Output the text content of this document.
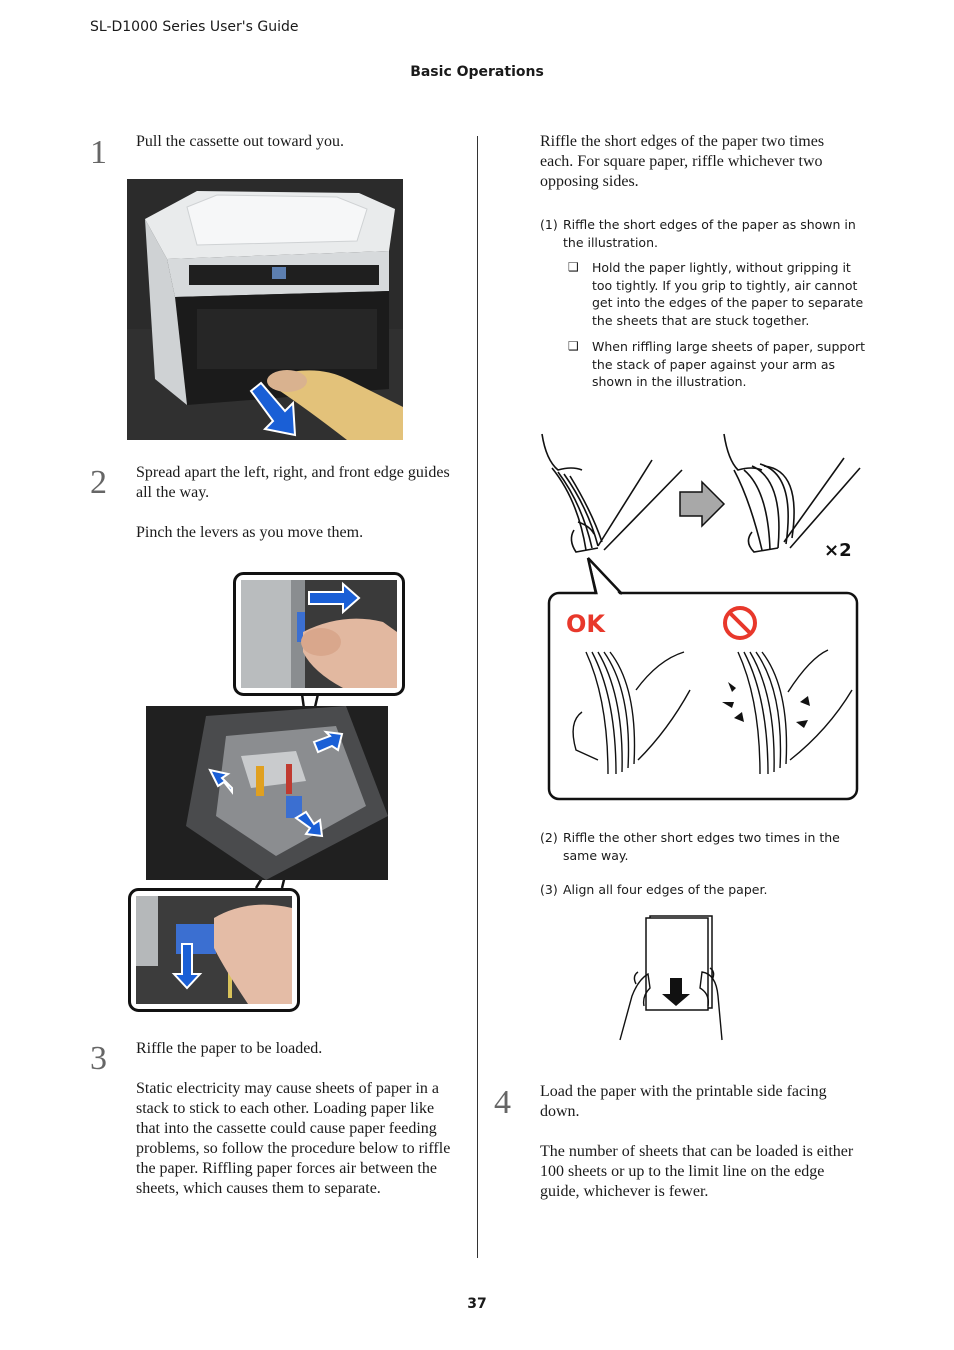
SL-D1000 Series User's Guide
Basic Operations
1 Pull the cassette out toward you.
2 Spread apart the left, right, and front edge guides all the way.
Pinch the levers as you move them.
3 Riffle the paper to be loaded.
Static electricity may cause sheets of paper in a stack to stick to each other. Loading paper like that into the cassette could cause paper feeding problems, so follow the procedure below to riffle the paper. Riffling paper forces air between the sheets, which causes them to separate.
Riffle the short edges of the paper two times each. For square paper, riffle whichever two opposing sides.
(1) Riffle the short edges of the paper as shown in the illustration.
❑ Hold the paper lightly, without gripping it too tightly. If you grip to tightly, air cannot get into the edges of the paper to separate the sheets that are stuck together.
❑ When riffling large sheets of paper, support the stack of paper against your arm as shown in the illustration.
×2
OK
(2) Riffle the other short edges two times in the same way.
(3) Align all four edges of the paper.
4 Load the paper with the printable side facing down.
The number of sheets that can be loaded is either 100 sheets or up to the limit line on the edge guide, whichever is fewer.
37
